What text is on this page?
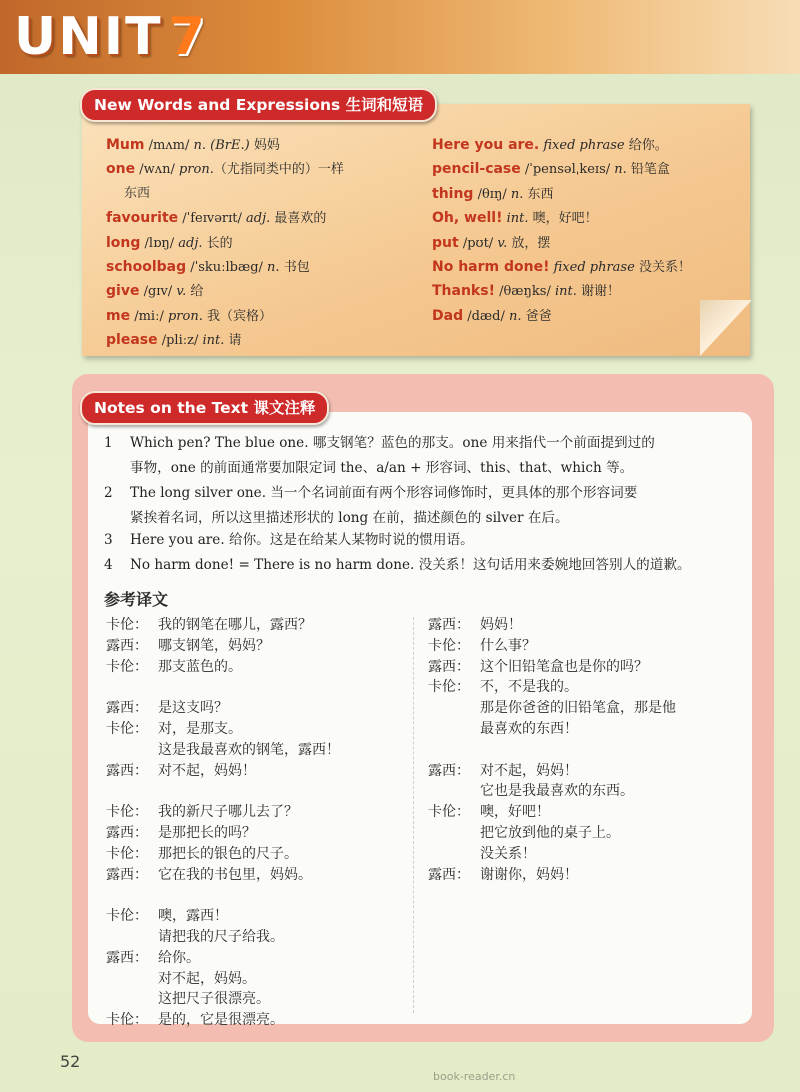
UNIT 7
New Words and Expressions 生词和短语
Mum /mʌm/ n. (BrE.) 妈妈
one /wʌn/ pron.（尤指同类中的）一样
东西
favourite /ˈfeɪvərɪt/ adj. 最喜欢的
long /lɒŋ/ adj. 长的
schoolbag /ˈskuːlbæg/ n. 书包
give /gɪv/ v. 给
me /miː/ pron. 我（宾格）
please /pliːz/ int. 请
Here you are. fixed phrase 给你。
pencil-case /ˈpensəlˌkeɪs/ n. 铅笔盒
thing /θɪŋ/ n. 东西
Oh, well! int. 噢，好吧！
put /pʊt/ v. 放，摆
No harm done! fixed phrase 没关系！
Thanks! /θæŋks/ int. 谢谢！
Dad /dæd/ n. 爸爸
Notes on the Text 课文注释
1 Which pen? The blue one. 哪支钢笔？蓝色的那支。one 用来指代一个前面提到过的
事物，one 的前面通常要加限定词 the、a/an + 形容词、this、that、which 等。
2 The long silver one. 当一个名词前面有两个形容词修饰时，更具体的那个形容词要
紧挨着名词，所以这里描述形状的 long 在前，描述颜色的 silver 在后。
3 Here you are. 给你。这是在给某人某物时说的惯用语。
4 No harm done! = There is no harm done. 没关系！这句话用来委婉地回答别人的道歉。
参考译文
卡伦： 我的钢笔在哪儿，露西？
露西： 哪支钢笔，妈妈？
卡伦： 那支蓝色的。
露西： 是这支吗？
卡伦： 对，是那支。
这是我最喜欢的钢笔，露西！
露西： 对不起，妈妈！
卡伦： 我的新尺子哪儿去了？
露西： 是那把长的吗？
卡伦： 那把长的银色的尺子。
露西： 它在我的书包里，妈妈。
卡伦： 噢，露西！
请把我的尺子给我。
露西： 给你。
对不起，妈妈。
这把尺子很漂亮。
卡伦： 是的，它是很漂亮。
露西： 妈妈！
卡伦： 什么事？
露西： 这个旧铅笔盒也是你的吗？
卡伦： 不，不是我的。
那是你爸爸的旧铅笔盒，那是他
最喜欢的东西！
露西： 对不起，妈妈！
它也是我最喜欢的东西。
卡伦： 噢，好吧！
把它放到他的桌子上。
没关系！
露西： 谢谢你，妈妈！
52
book-reader.cn
